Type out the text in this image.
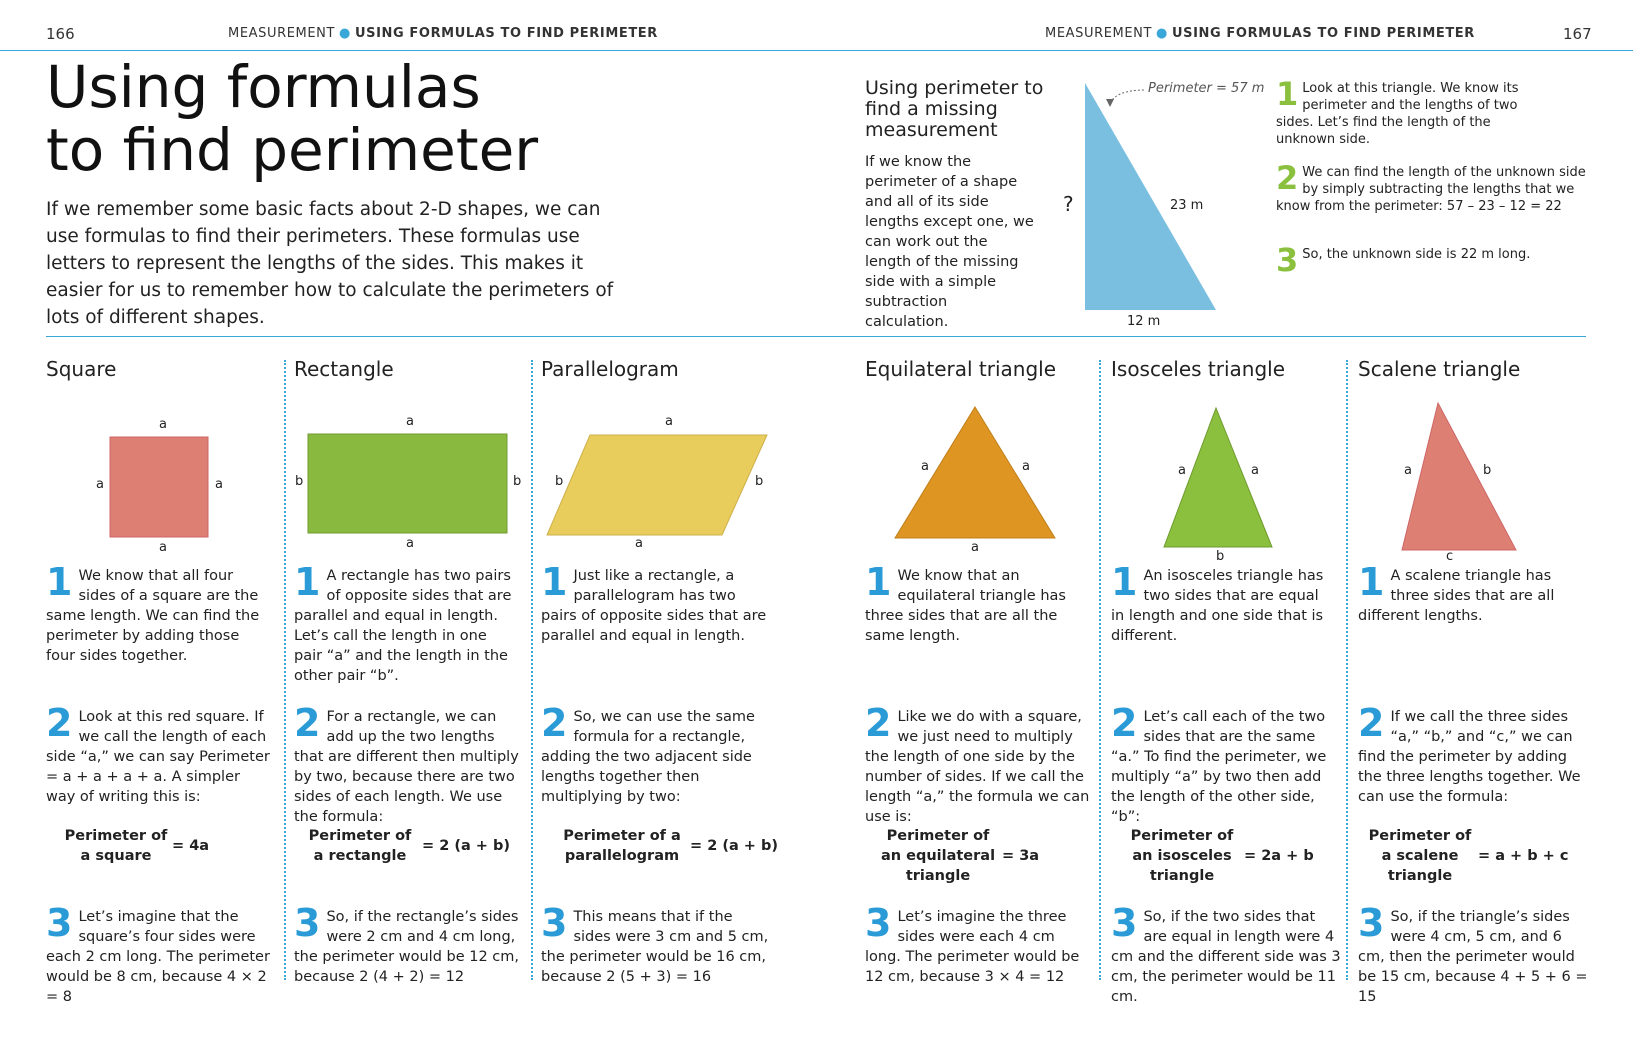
166	MEASUREMENT ● USING FORMULAS TO FIND PERIMETER	MEASUREMENT ● USING FORMULAS TO FIND PERIMETER	167
Using formulas
to find perimeter
If we remember some basic facts about 2-D shapes, we can use formulas to find their perimeters. These formulas use letters to represent the lengths of the sides. This makes it easier for us to remember how to calculate the perimeters of lots of different shapes.
Using perimeter to find a missing measurement
If we know the perimeter of a shape and all of its side lengths except one, we can work out the length of the missing side with a simple subtraction calculation.
Perimeter = 57 m
23 m
12 m
?
1 Look at this triangle. We know its perimeter and the lengths of two sides. Let’s find the length of the unknown side.
2 We can find the length of the unknown side by simply subtracting the lengths that we know from the perimeter: 57 – 23 – 12 = 22
3 So, the unknown side is 22 m long.
Square
a
a
a	a
1 We know that all four sides of a square are the same length. We can find the perimeter by adding those four sides together.
2 Look at this red square. If we call the length of each side “a,” we can say Perimeter = a + a + a + a. A simpler way of writing this is:
Perimeter of a square= 4a
3 Let’s imagine that the square’s four sides were each 2 cm long. The perimeter would be 8 cm, because 4 × 2 = 8
Rectangle
a
a
b	b
1 A rectangle has two pairs of opposite sides that are parallel and equal in length. Let’s call the length in one pair “a” and the length in the other pair “b”.
2 For a rectangle, we can add up the two lengths that are different then multiply by two, because there are two sides of each length. We use the formula:
Perimeter of a rectangle= 2 (a + b)
3 So, if the rectangle’s sides were 2 cm and 4 cm long, the perimeter would be 12 cm, because 2 (4 + 2) = 12
Parallelogram
a
a
b	b
1 Just like a rectangle, a parallelogram has two pairs of opposite sides that are parallel and equal in length.
2 So, we can use the same formula for a rectangle, adding the two adjacent side lengths together then multiplying by two:
Perimeter of a parallelogram= 2 (a + b)
3 This means that if the sides were 3 cm and 5 cm, the perimeter would be 16 cm, because 2 (5 + 3) = 16
Equilateral triangle
a	a
a
1 We know that an equilateral triangle has three sides that are all the same length.
2 Like we do with a square, we just need to multiply the length of one side by the number of sides. If we call the length “a,” the formula we can use is:
Perimeter of an equilateral triangle= 3a
3 Let’s imagine the three sides were each 4 cm long. The perimeter would be 12 cm, because 3 × 4 = 12
Isosceles triangle
a	a
b
1 An isosceles triangle has two sides that are equal in length and one side that is different.
2 Let’s call each of the two sides that are the same “a.” To find the perimeter, we multiply “a” by two then add the length of the other side, “b”:
Perimeter of an isosceles triangle= 2a + b
3 So, if the two sides that are equal in length were 4 cm and the different side was 3 cm, the perimeter would be 11 cm.
Scalene triangle
a	b
c
1 A scalene triangle has three sides that are all different lengths.
2 If we call the three sides “a,” “b,” and “c,” we can find the perimeter by adding the three lengths together. We can use the formula:
Perimeter of a scalene triangle= a + b + c
3 So, if the triangle’s sides were 4 cm, 5 cm, and 6 cm, then the perimeter would be 15 cm, because 4 + 5 + 6 = 15
